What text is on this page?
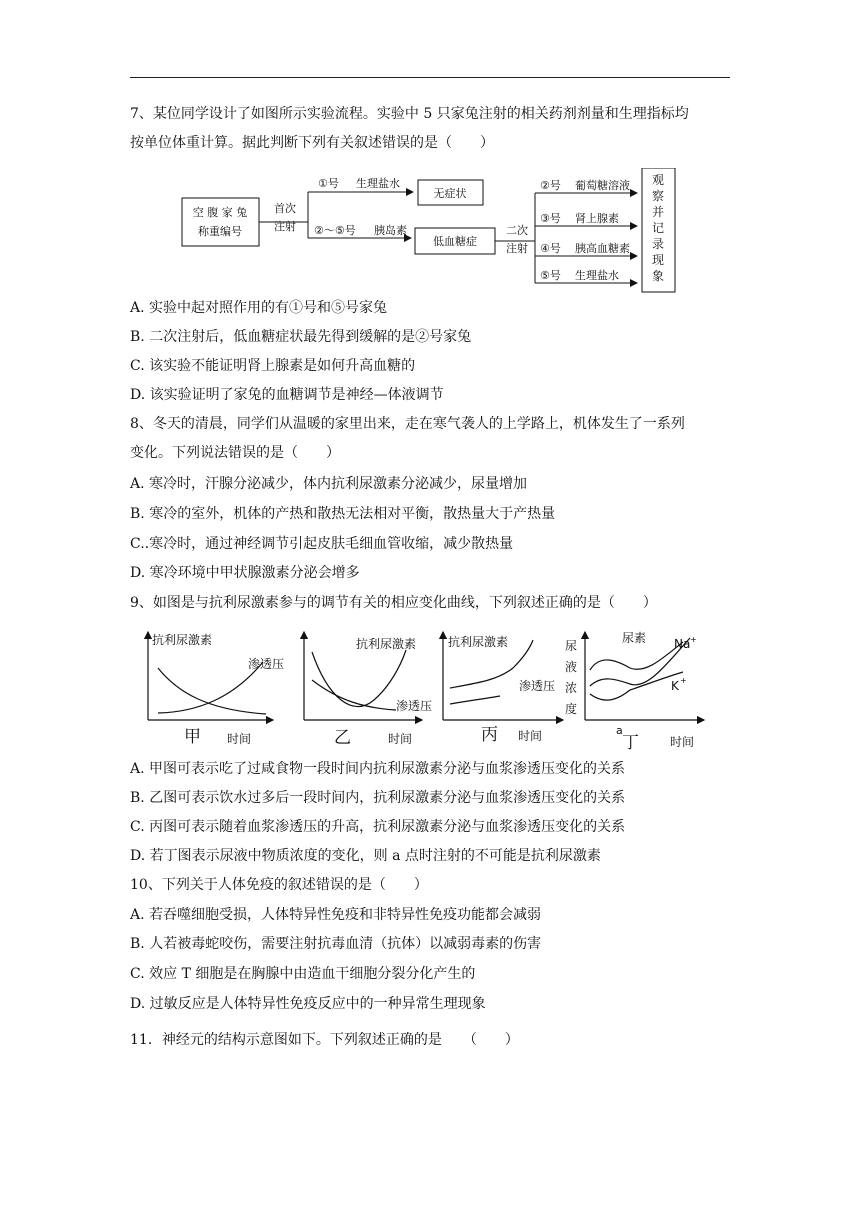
7、某位同学设计了如图所示实验流程。实验中 5 只家兔注射的相关药剂剂量和生理指标均
按单位体重计算。据此判断下列有关叙述错误的是（　　）
空 腹 家 兔
称重编号
首次
注射
①号 生理盐水
无症状
②～⑤号 胰岛素
低血糖症
二次
注射
②号 葡萄糖溶液
③号 肾上腺素
④号 胰高血糖素
⑤号 生理盐水
观
察
并
记
录
现
象
A. 实验中起对照作用的有①号和⑤号家兔
B. 二次注射后，低血糖症状最先得到缓解的是②号家兔
C. 该实验不能证明肾上腺素是如何升高血糖的
D. 该实验证明了家兔的血糖调节是神经—体液调节
8、冬天的清晨，同学们从温暖的家里出来，走在寒气袭人的上学路上，机体发生了一系列
变化。下列说法错误的是（　　）
A. 寒冷时，汗腺分泌减少，体内抗利尿激素分泌减少，尿量增加
B. 寒冷的室外，机体的产热和散热无法相对平衡，散热量大于产热量
C..寒冷时，通过神经调节引起皮肤毛细血管收缩，减少散热量
D. 寒冷环境中甲状腺激素分泌会增多
9、如图是与抗利尿激素参与的调节有关的相应变化曲线，下列叙述正确的是（　　）
抗利尿激素
渗透压
抗利尿激素
渗透压
抗利尿激素
渗透压
尿素 Na +
K +
尿
液
浓
度
a
时间	时间	时间	时间
甲	乙	丙	丁
A. 甲图可表示吃了过咸食物一段时间内抗利尿激素分泌与血浆渗透压变化的关系
B. 乙图可表示饮水过多后一段时间内，抗利尿激素分泌与血浆渗透压变化的关系
C. 丙图可表示随着血浆渗透压的升高，抗利尿激素分泌与血浆渗透压变化的关系
D. 若丁图表示尿液中物质浓度的变化，则 a 点时注射的不可能是抗利尿激素
10、下列关于人体免疫的叙述错误的是（　　）
A. 若吞噬细胞受损，人体特异性免疫和非特异性免疫功能都会减弱
B. 人若被毒蛇咬伤，需要注射抗毒血清（抗体）以减弱毒素的伤害
C. 效应 T 细胞是在胸腺中由造血干细胞分裂分化产生的
D. 过敏反应是人体特异性免疫反应中的一种异常生理现象
11．神经元的结构示意图如下。下列叙述正确的是　　（　　）
